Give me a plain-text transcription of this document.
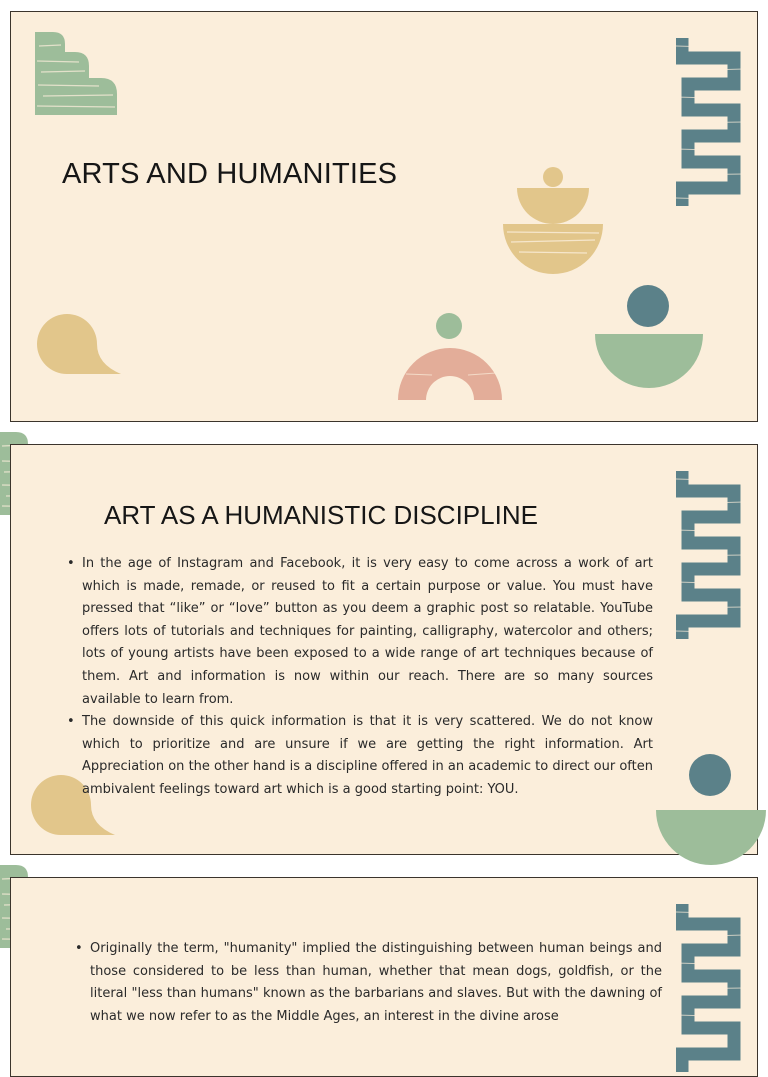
ARTS AND HUMANITIES
ART AS A HUMANISTIC DISCIPLINE
• In the age of Instagram and Facebook, it is very easy to come across a work of art which is made, remade, or reused to fit a certain purpose or value. You must have pressed that “like” or “love” button as you deem a graphic post so relatable. YouTube offers lots of tutorials and techniques for painting, calligraphy, watercolor and others; lots of young artists have been exposed to a wide range of art techniques because of them. Art and information is now within our reach. There are so many sources available to learn from.
• The downside of this quick information is that it is very scattered. We do not know which to prioritize and are unsure if we are getting the right information. Art Appreciation on the other hand is a discipline offered in an academic to direct our often ambivalent feelings toward art which is a good starting point: YOU.
• Originally the term, "humanity" implied the distinguishing between human beings and those considered to be less than human, whether that mean dogs, goldfish, or the literal "less than humans" known as the barbarians and slaves. But with the dawning of what we now refer to as the Middle Ages, an interest in the divine arose
